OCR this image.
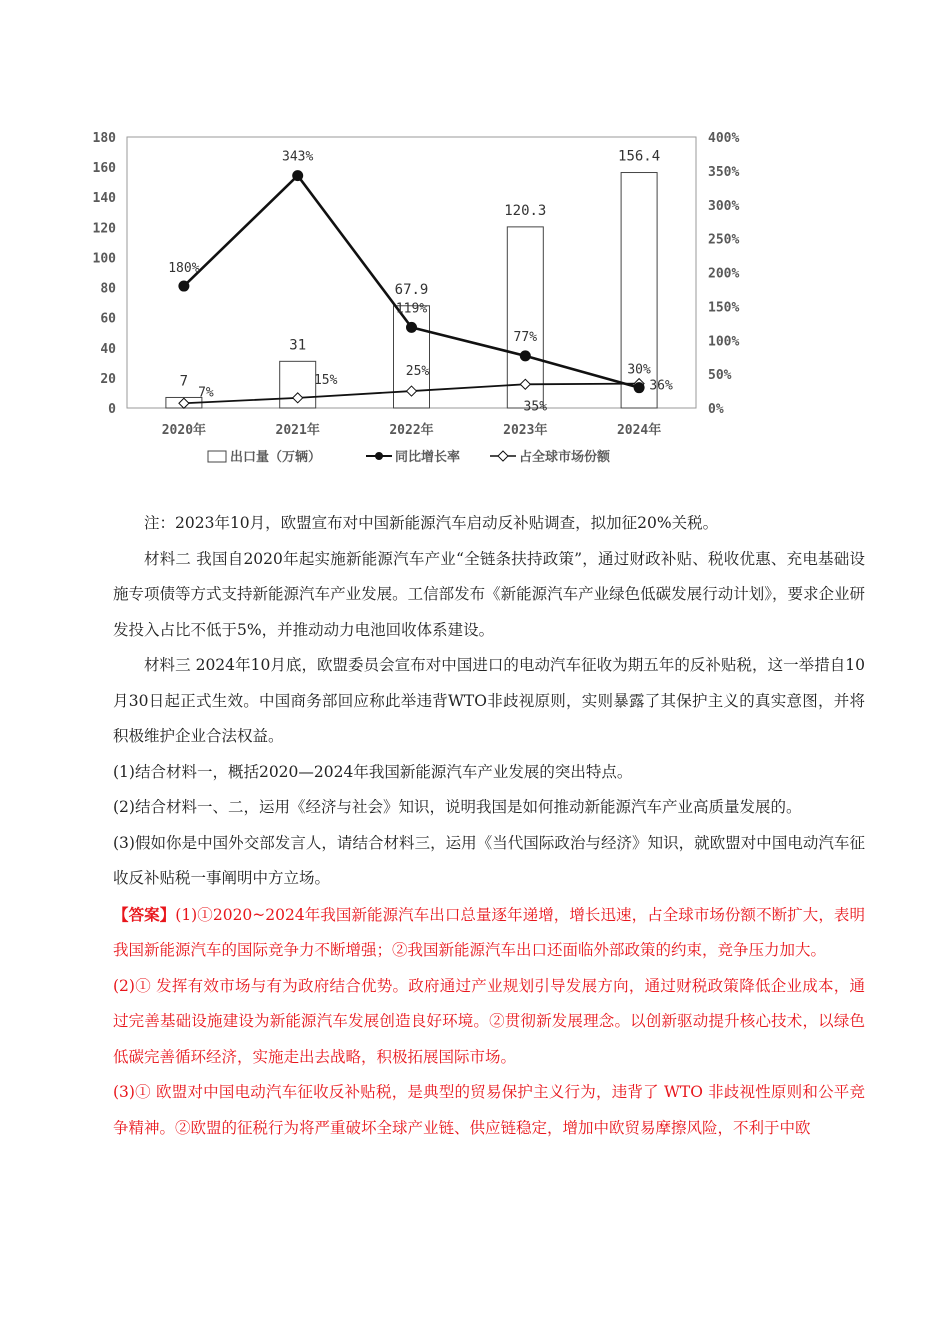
0
20
40
60
80
100
120
140
160
180
0%
50%
100%
150%
200%
250%
300%
350%
400%
2020年	2021年	2022年	2023年	2024年
7
31
67.9
120.3
156.4
180%
343%
119%
77%
30%
7%
15%
25%
35%
36%
出口量（万辆）	同比增长率	占全球市场份额

注：2023年10月，欧盟宣布对中国新能源汽车启动反补贴调查，拟加征20%关税。

材料二 我国自2020年起实施新能源汽车产业“全链条扶持政策”，通过财政补贴、税收优惠、充电基础设施专项债等方式支持新能源汽车产业发展。工信部发布《新能源汽车产业绿色低碳发展行动计划》，要求企业研发投入占比不低于5%，并推动动力电池回收体系建设。

材料三 2024年10月底，欧盟委员会宣布对中国进口的电动汽车征收为期五年的反补贴税，这一举措自10月30日起正式生效。中国商务部回应称此举违背WTO非歧视原则，实则暴露了其保护主义的真实意图，并将积极维护企业合法权益。

(1)结合材料一，概括2020—2024年我国新能源汽车产业发展的突出特点。

(2)结合材料一、二，运用《经济与社会》知识，说明我国是如何推动新能源汽车产业高质量发展的。

(3)假如你是中国外交部发言人，请结合材料三，运用《当代国际政治与经济》知识，就欧盟对中国电动汽车征收反补贴税一事阐明中方立场。

【答案】(1)①2020~2024年我国新能源汽车出口总量逐年递增，增长迅速，占全球市场份额不断扩大，表明我国新能源汽车的国际竞争力不断增强；②我国新能源汽车出口还面临外部政策的约束，竞争压力加大。

(2)① 发挥有效市场与有为政府结合优势。政府通过产业规划引导发展方向，通过财税政策降低企业成本，通过完善基础设施建设为新能源汽车发展创造良好环境。②贯彻新发展理念。以创新驱动提升核心技术，以绿色低碳完善循环经济，实施走出去战略，积极拓展国际市场。

(3)① 欧盟对中国电动汽车征收反补贴税，是典型的贸易保护主义行为，违背了 WTO 非歧视性原则和公平竞争精神。②欧盟的征税行为将严重破坏全球产业链、供应链稳定，增加中欧贸易摩擦风险，不利于中欧
